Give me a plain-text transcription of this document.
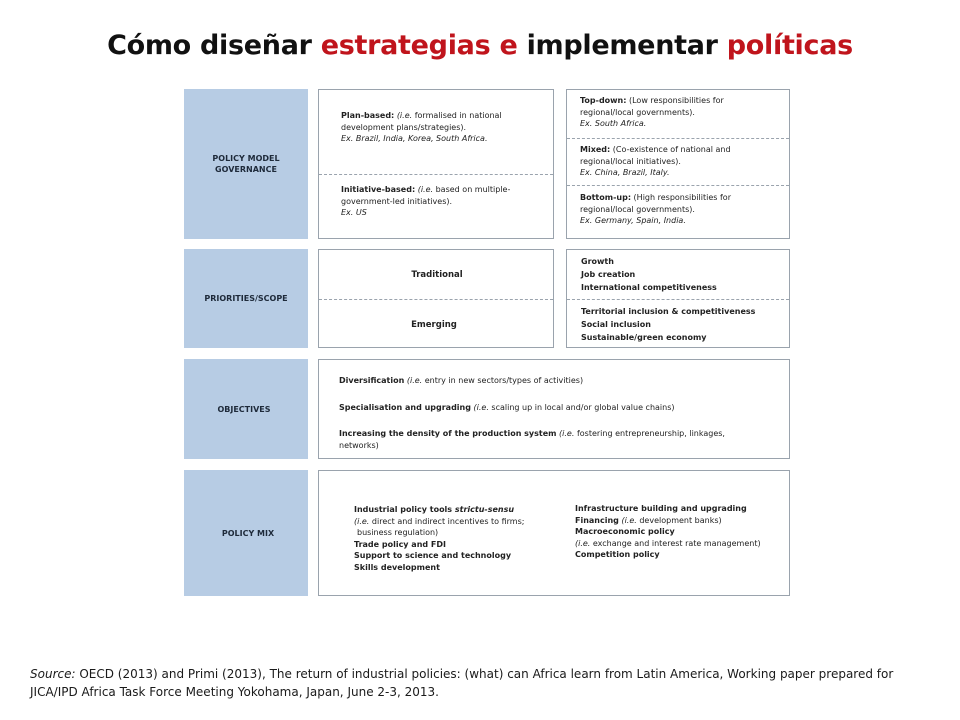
Cómo diseñar estrategias e implementar políticas
POLICY MODEL GOVERNANCE
Plan-based: (i.e. formalised in national development plans/strategies).
Ex. Brazil, India, Korea, South Africa.
Initiative-based: (i.e. based on multiple-government-led initiatives).
Ex. US
Top-down: (Low responsibilities for regional/local governments).
Ex. South Africa.
Mixed: (Co-existence of national and regional/local initiatives).
Ex. China, Brazil, Italy.
Bottom-up: (High responsibilities for regional/local governments).
Ex. Germany, Spain, India.
PRIORITIES/SCOPE
Traditional
Emerging
Growth
Job creation
International competitiveness
Territorial inclusion & competitiveness
Social inclusion
Sustainable/green economy
OBJECTIVES
Diversification (i.e. entry in new sectors/types of activities)
Specialisation and upgrading (i.e. scaling up in local and/or global value chains)
Increasing the density of the production system (i.e. fostering entrepreneurship, linkages, networks)
POLICY MIX
Industrial policy tools strictu-sensu
(i.e. direct and indirect incentives to firms;
business regulation)
Trade policy and FDI
Support to science and technology
Skills development
Infrastructure building and upgrading
Financing (i.e. development banks)
Macroeconomic policy
(i.e. exchange and interest rate management)
Competition policy
Source: OECD (2013) and Primi (2013), The return of industrial policies: (what) can Africa learn from Latin America, Working paper prepared for JICA/IPD Africa Task Force Meeting Yokohama, Japan, June 2-3, 2013.
